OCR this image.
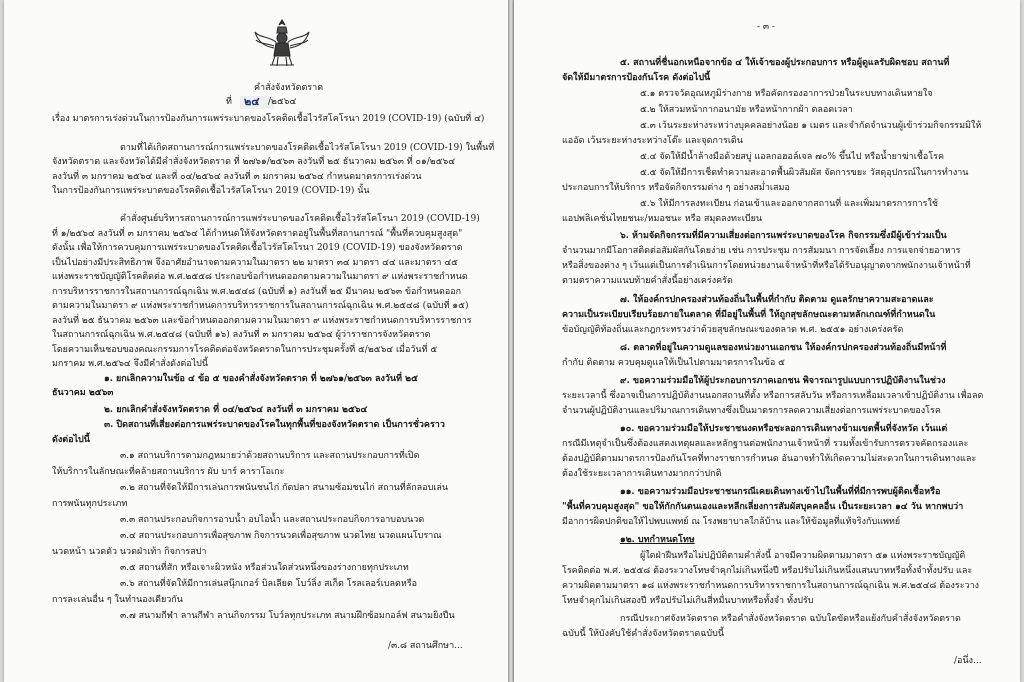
คำสั่งจังหวัดตราด
ที่ ๒๔ /๒๕๖๔
เรื่อง มาตรการเร่งด่วนในการป้องกันการแพร่ระบาดของโรคติดเชื้อไวรัสโคโรนา 2019 (COVID-19) (ฉบับที่ ๔)
ตามที่ได้เกิดสถานการณ์การแพร่ระบาดของโรคติดเชื้อไวรัสโคโรนา 2019 (COVID-19) ในพื้นที่
จังหวัดตราด และจังหวัดได้มีคำสั่งจังหวัดตราด ที่ ๒๗๖๑/๒๕๖๓ ลงวันที่ ๒๕ ธันวาคม ๒๕๖๓ ที่ ๐๑/๒๕๖๔
ลงวันที่ ๓ มกราคม ๒๕๖๔ และที่ ๐๔/๒๕๖๔ ลงวันที่ ๓ มกราคม ๒๕๖๔ กำหนดมาตรการเร่งด่วน
ในการป้องกันการแพร่ระบาดของโรคติดเชื้อไวรัสโคโรนา 2019 (COVID-19) นั้น
คำสั่งศูนย์บริหารสถานการณ์การแพร่ระบาดของโรคติดเชื้อไวรัสโคโรนา 2019 (COVID-19)
ที่ ๑/๒๕๖๔ ลงวันที่ ๓ มกราคม ๒๕๖๔ ได้กำหนดให้จังหวัดตราดอยู่ในพื้นที่สถานการณ์ "พื้นที่ควบคุมสูงสุด"
ดังนั้น เพื่อให้การควบคุมการแพร่ระบาดของโรคติดเชื้อไวรัสโคโรนา 2019 (COVID-19) ของจังหวัดตราด
เป็นไปอย่างมีประสิทธิภาพ จึงอาศัยอำนาจตามความในมาตรา ๒๒ มาตรา ๓๔ มาตรา ๔๔ และมาตรา ๔๕
แห่งพระราชบัญญัติโรคติดต่อ พ.ศ.๒๕๕๘ ประกอบข้อกำหนดออกตามความในมาตรา ๙ แห่งพระราชกำหนด
การบริหารราชการในสถานการณ์ฉุกเฉิน พ.ศ.๒๕๔๘ (ฉบับที่ ๑) ลงวันที่ ๒๕ มีนาคม ๒๕๖๓ ข้อกำหนดออก
ตามความในมาตรา ๙ แห่งพระราชกำหนดการบริหารราชการในสถานการณ์ฉุกเฉิน พ.ศ.๒๕๔๘ (ฉบับที่ ๑๕)
ลงวันที่ ๒๕ ธันวาคม ๒๕๖๓ และข้อกำหนดออกตามความในมาตรา ๙ แห่งพระราชกำหนดการบริหารราชการ
ในสถานการณ์ฉุกเฉิน พ.ศ.๒๕๔๘ (ฉบับที่ ๑๖) ลงวันที่ ๓ มกราคม ๒๕๖๔ ผู้ว่าราชการจังหวัดตราด
โดยความเห็นชอบของคณะกรรมการโรคติดต่อจังหวัดตราดในการประชุมครั้งที่ ๕/๒๕๖๔ เมื่อวันที่ ๕
มกราคม พ.ศ.๒๕๖๔ จึงมีคำสั่งดังต่อไปนี้
๑. ยกเลิกความในข้อ ๔ ข้อ ๕ ของคำสั่งจังหวัดตราด ที่ ๒๗๖๑/๒๕๖๓ ลงวันที่ ๒๕
ธันวาคม ๒๕๖๓
๒. ยกเลิกคำสั่งจังหวัดตราด ที่ ๐๔/๒๕๖๔ ลงวันที่ ๓ มกราคม ๒๕๖๔
๓. ปิดสถานที่เสี่ยงต่อการแพร่ระบาดของโรคในทุกพื้นที่ของจังหวัดตราด เป็นการชั่วคราว
ดังต่อไปนี้
๓.๑ สถานบริการตามกฎหมายว่าด้วยสถานบริการ และสถานประกอบการที่เปิด
ให้บริการในลักษณะที่คล้ายสถานบริการ ผับ บาร์ คาราโอเกะ
๓.๒ สถานที่จัดให้มีการเล่นการพนันชนไก่ กัดปลา สนามซ้อมชนไก่ สถานที่ลักลอบเล่น
การพนันทุกประเภท
๓.๓ สถานประกอบกิจการอาบน้ำ อบไอน้ำ และสถานประกอบกิจการอาบอบนวด
๓.๔ สถานประกอบการเพื่อสุขภาพ กิจการนวดเพื่อสุขภาพ นวดไทย นวดแผนโบราณ
นวดหน้า นวดตัว นวดฝ่าเท้า กิจการสปา
๓.๕ สถานที่สัก หรือเจาะผิวหนัง หรือส่วนใดส่วนหนึ่งของร่างกายทุกประเภท
๓.๖ สถานที่จัดให้มีการเล่นสนุ๊กเกอร์ บิลเลียด โบว์ลิ่ง สเก็ต โรลเลอร์เบลดหรือ
การละเล่นอื่น ๆ ในทำนองเดียวกัน
๓.๗ สนามกีฬา ลานกีฬา ลานกิจกรรม โบว์ลทุกประเภท สนามฝึกซ้อมกอล์ฟ สนามยิงปืน
/๓.๘ สถานศึกษา...
- ๓ -
๕. สถานที่ชื่นอกเหนือจากข้อ ๔ ให้เจ้าของผู้ประกอบการ หรือผู้ดูแลรับผิดชอบ สถานที่
จัดให้มีมาตรการป้องกันโรค ดังต่อไปนี้
๕.๑ ตรวจวัดอุณหภูมิร่างกาย หรือคัดกรองอาการป่วยในระบบทางเดินหายใจ
๕.๒ ให้สวมหน้ากากอนามัย หรือหน้ากากผ้า ตลอดเวลา
๕.๓ เว้นระยะห่างระหว่างบุคคลอย่างน้อย ๑ เมตร และจำกัดจำนวนผู้เข้าร่วมกิจกรรมมิให้
แออัด เว้นระยะห่างระหว่างโต๊ะ และจุดการเดิน
๕.๔ จัดให้มีน้ำล้างมือด้วยสบู่ แอลกอฮอล์เจล ๗๐% ขึ้นไป หรือน้ำยาฆ่าเชื้อโรค
๕.๕ จัดให้มีการเช็ดทำความสะอาดพื้นผิวสัมผัส จัดการขยะ วัสดุอุปกรณ์ในการทำงาน
ประกอบการให้บริการ หรือจัดกิจกรรมต่าง ๆ อย่างสม่ำเสมอ
๕.๖ ให้มีการลงทะเบียน ก่อนเข้าและออกจากสถานที่ และเพิ่มมาตรการการใช้
แอปพลิเคชั่นไทยชนะ/หมอชนะ หรือ สมุดลงทะเบียน
๖. ห้ามจัดกิจกรรมที่มีความเสี่ยงต่อการแพร่ระบาดของโรค กิจกรรมซึ่งมีผู้เข้าร่วมเป็น
จำนวนมากมีโอกาสติดต่อสัมผัสกันโดยง่าย เช่น การประชุม การสัมมนา การจัดเลี้ยง การแจกจ่ายอาหาร
หรือสิ่งของต่าง ๆ เว้นแต่เป็นการดำเนินการโดยหน่วยงานเจ้าหน้าที่หรือได้รับอนุญาตจากพนักงานเจ้าหน้าที่
ตามตราความแนบท้ายคำสั่งนี้อย่างเคร่งครัด
๗. ให้องค์กรปกครองส่วนท้องถิ่นในพื้นที่กำกับ ติดตาม ดูแลรักษาความสะอาดและ
ความเป็นระเบียบเรียบร้อยภายในตลาด ที่มีอยู่ในพื้นที่ ให้ถูกสุขลักษณะตามหลักเกณฑ์ที่กำหนดใน
ข้อบัญญัติท้องถิ่นและกฎกระทรวงว่าด้วยสุขลักษณะของตลาด พ.ศ. ๒๕๕๑ อย่างเคร่งครัด
๘. ตลาดที่อยู่ในความดูแลของหน่วยงานเอกชน ให้องค์กรปกครองส่วนท้องถิ่นมีหน้าที่
กำกับ ติดตาม ควบคุมดูแลให้เป็นไปตามมาตรการในข้อ ๕
๙. ขอความร่วมมือให้ผู้ประกอบการภาคเอกชน พิจารณารูปแบบการปฏิบัติงานในช่วง
ระยะเวลานี้ ซึ่งอาจเป็นการปฏิบัติงานนอกสถานที่ตั้ง หรือการสลับวัน หรือการเหลื่อมเวลาเข้าปฏิบัติงาน เพื่อลด
จำนวนผู้ปฏิบัติงานและปริมาณการเดินทางซึ่งเป็นมาตรการลดความเสี่ยงต่อการแพร่ระบาดของโรค
๑๐. ขอความร่วมมือให้ประชาชนงดหรือชะลอการเดินทางข้ามเขตพื้นที่จังหวัด เว้นแต่
กรณีมีเหตุจำเป็นซึ่งต้องแสดงเหตุผลและหลักฐานต่อพนักงานเจ้าหน้าที่ รวมทั้งเข้ารับการตรวจคัดกรองและ
ต้องปฏิบัติตามมาตรการป้องกันโรคที่ทางราชการกำหนด อันอาจทำให้เกิดความไม่สะดวกในการเดินทางและ
ต้องใช้ระยะเวลาการเดินทางมากกว่าปกติ
๑๑. ขอความร่วมมือประชาชนกรณีเคยเดินทางเข้าไปในพื้นที่ที่มีการพบผู้ติดเชื้อหรือ
"พื้นที่ควบคุมสูงสุด" ขอให้กักกันตนเองและหลีกเลี่ยงการสัมผัสบุคคลอื่น เป็นระยะเวลา ๑๔ วัน หากพบว่า
มีอาการผิดปกติขอให้ไปพบแพทย์ ณ โรงพยาบาลใกล้บ้าน และให้ข้อมูลที่แท้จริงกับแพทย์
๑๒. บทกำหนดโทษ
ผู้ใดฝ่าฝืนหรือไม่ปฏิบัติตามคำสั่งนี้ อาจมีความผิดตามมาตรา ๕๑ แห่งพระราชบัญญัติ
โรคติดต่อ พ.ศ. ๒๕๕๘ ต้องระวางโทษจำคุกไม่เกินหนึ่งปี หรือปรับไม่เกินหนึ่งแสนบาทหรือทั้งจำทั้งปรับ และ
ความผิดตามมาตรา ๑๘ แห่งพระราชกำหนดการบริหารราชการในสถานการณ์ฉุกเฉิน พ.ศ.๒๕๔๘ ต้องระวาง
โทษจำคุกไม่เกินสองปี หรือปรับไม่เกินสี่หมื่นบาทหรือทั้งจำ ทั้งปรับ
กรณีประกาศจังหวัดตราด หรือคำสั่งจังหวัดตราด ฉบับใดขัดหรือแย้งกับคำสั่งจังหวัดตราด
ฉบับนี้ ให้บังคับใช้คำสั่งจังหวัดตราดฉบับนี้
/อนึ่ง...
